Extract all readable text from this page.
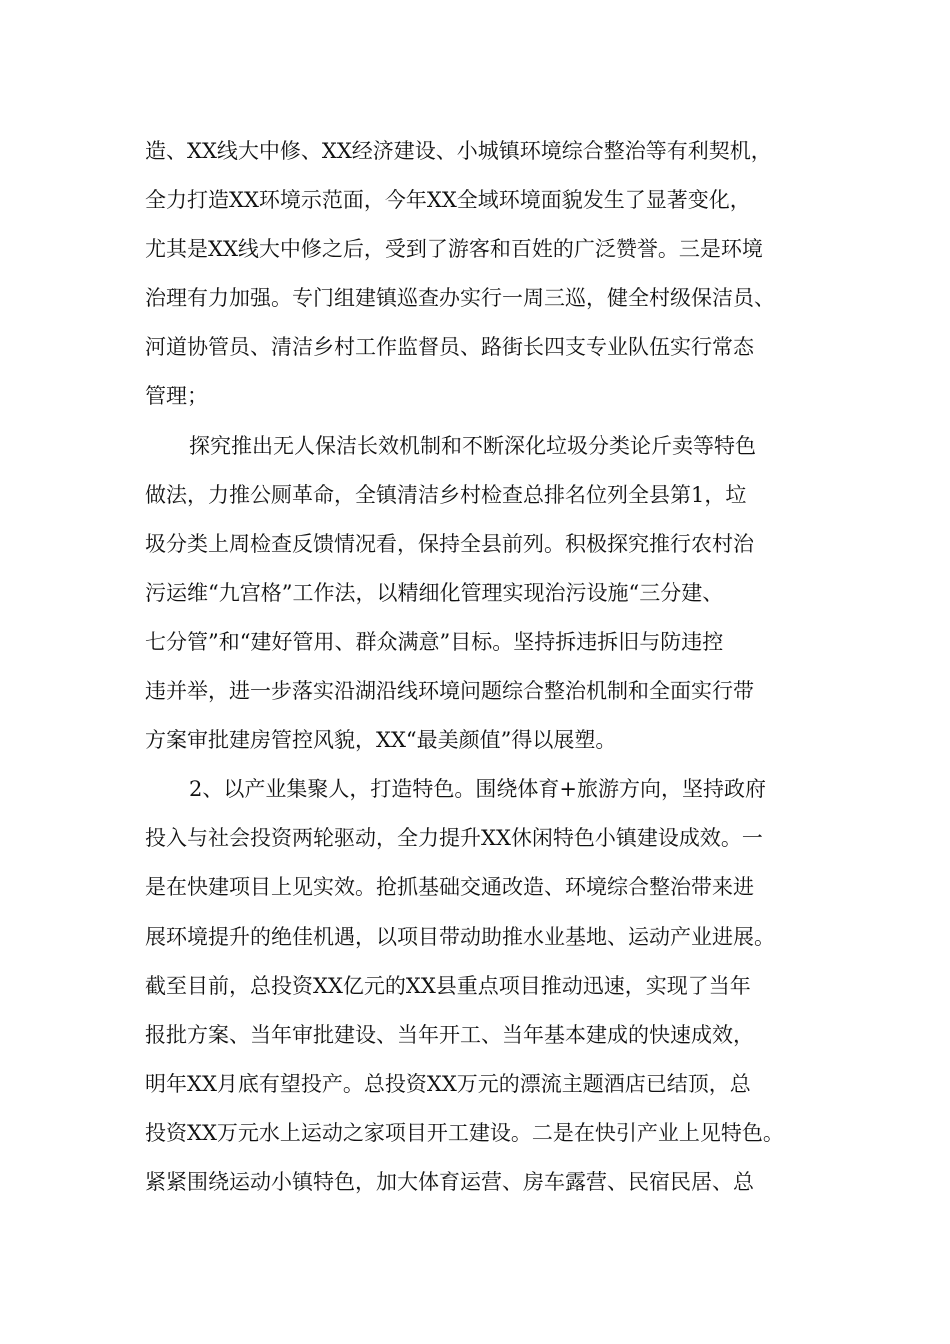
造、XX线大中修、XX经济建设、小城镇环境综合整治等有利契机，
全力打造XX环境示范面，今年XX全域环境面貌发生了显著变化，
尤其是XX线大中修之后，受到了游客和百姓的广泛赞誉。三是环境
治理有力加强。专门组建镇巡查办实行一周三巡，健全村级保洁员、
河道协管员、清洁乡村工作监督员、路街长四支专业队伍实行常态
管理；
探究推出无人保洁长效机制和不断深化垃圾分类论斤卖等特色
做法，力推公厕革命，全镇清洁乡村检查总排名位列全县第1，垃
圾分类上周检查反馈情况看，保持全县前列。积极探究推行农村治
污运维“九宫格”工作法，以精细化管理实现治污设施“三分建、
七分管”和“建好管用、群众满意”目标。坚持拆违拆旧与防违控
违并举，进一步落实沿湖沿线环境问题综合整治机制和全面实行带
方案审批建房管控风貌，XX“最美颜值”得以展塑。
2、以产业集聚人，打造特色。围绕体育+旅游方向，坚持政府
投入与社会投资两轮驱动，全力提升XX休闲特色小镇建设成效。一
是在快建项目上见实效。抢抓基础交通改造、环境综合整治带来进
展环境提升的绝佳机遇，以项目带动助推水业基地、运动产业进展。
截至目前，总投资XX亿元的XX县重点项目推动迅速，实现了当年
报批方案、当年审批建设、当年开工、当年基本建成的快速成效，
明年XX月底有望投产。总投资XX万元的漂流主题酒店已结顶，总
投资XX万元水上运动之家项目开工建设。二是在快引产业上见特色。
紧紧围绕运动小镇特色，加大体育运营、房车露营、民宿民居、总
